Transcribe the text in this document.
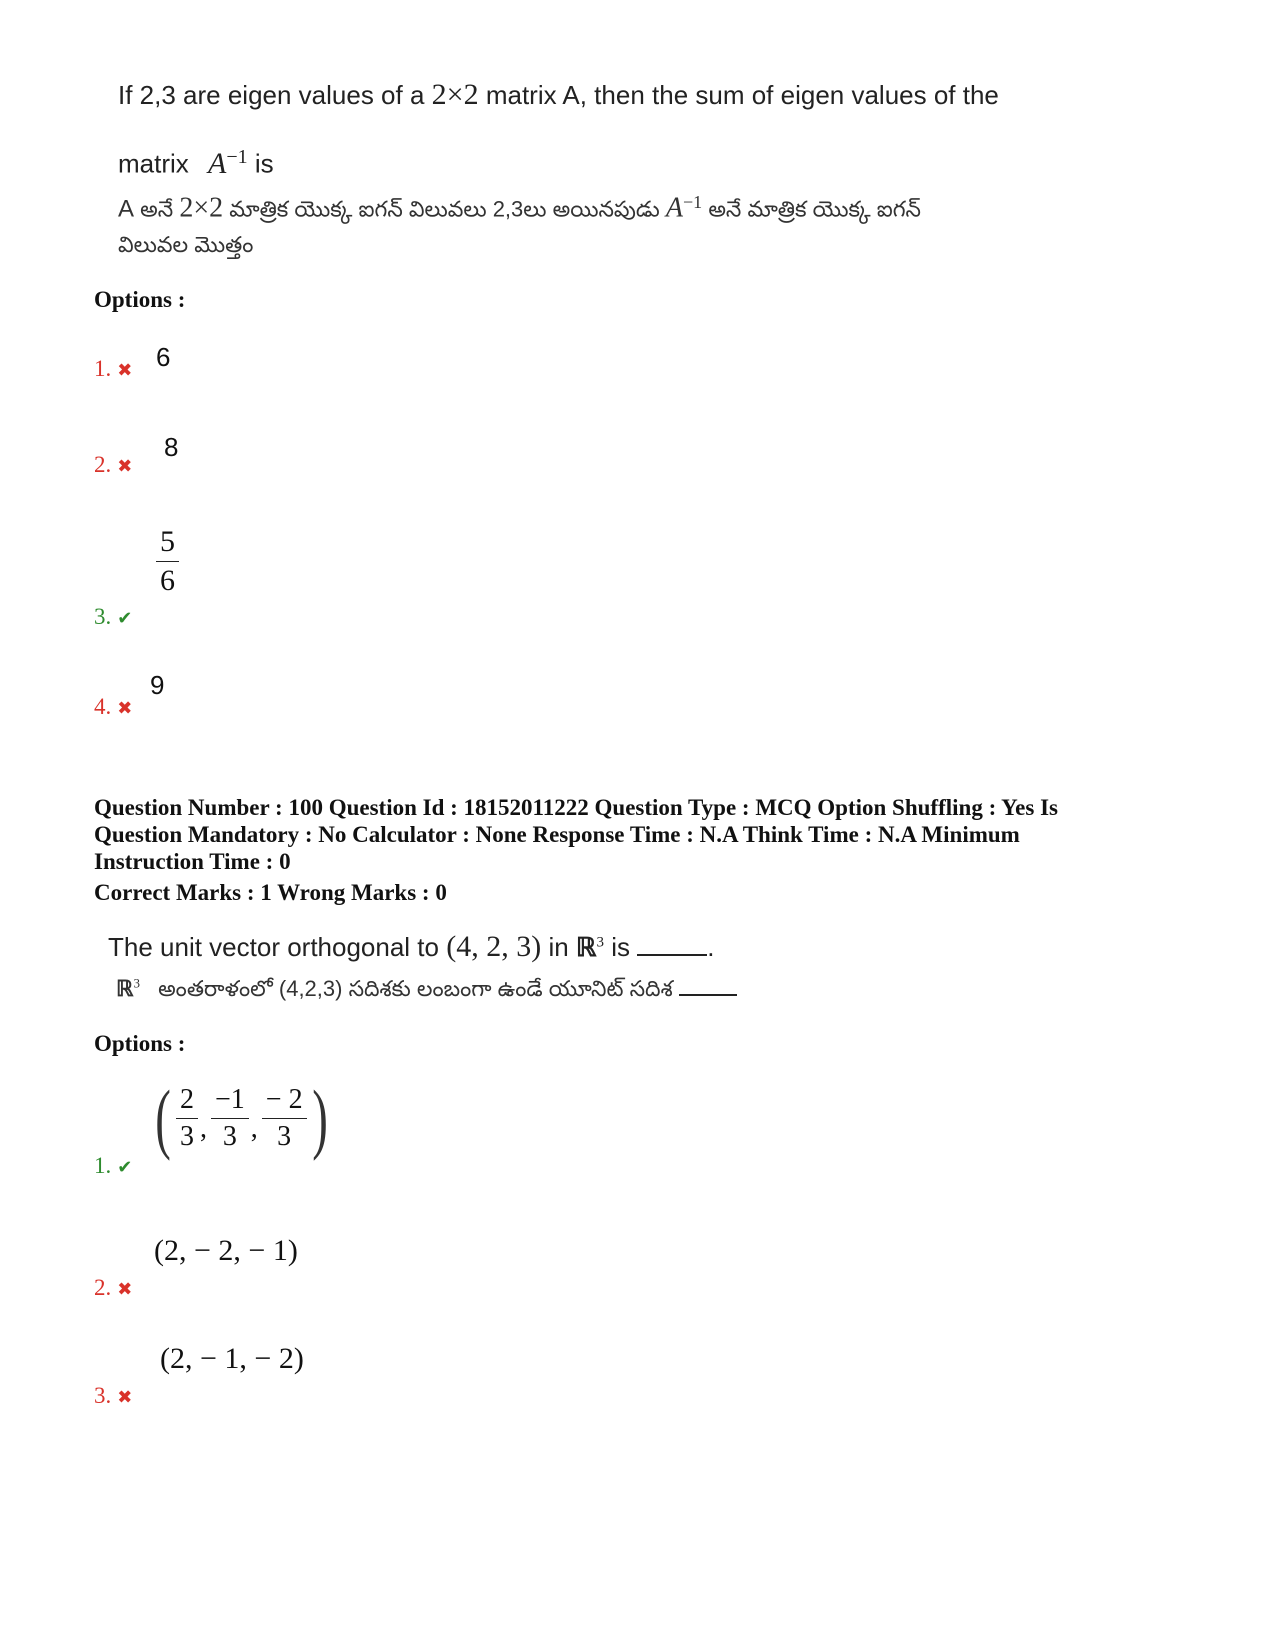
If 2,3 are eigen values of a 2×2 matrix A, then the sum of eigen values of the
matrix $A^{-1}$ is
A అనే 2×2 మాత్రిక యొక్క ఐగన్ విలువలు 2,3లు అయినపుడు $A^{-1}$ అనే మాత్రిక యొక్క ఐగన్
విలువల మొత్తం
Options :
1. ✖ 6
2. ✖
8
3. ✔
$\frac{5}{6}$
4. ✖
9
Question Number : 100 Question Id : 18152011222 Question Type : MCQ Option Shuffling : Yes Is
Question Mandatory : No Calculator : None Response Time : N.A Think Time : N.A Minimum
Instruction Time : 0
Correct Marks : 1 Wrong Marks : 0
The unit vector orthogonal to (4, 2, 3) in ℝ$^3$ is	.
ℝ$^3$ అంతరాళంలో (4,2,3) సదిశకు లంబంగా ఉండే యూనిట్ సదిశ
Options :
1. ✔
( $\frac{2}{3}$ , $\frac{-1}{3}$ , $\frac{- 2}{3}$ )
2. ✖
(2, − 2, − 1)
3. ✖
(2, − 1, − 2)
